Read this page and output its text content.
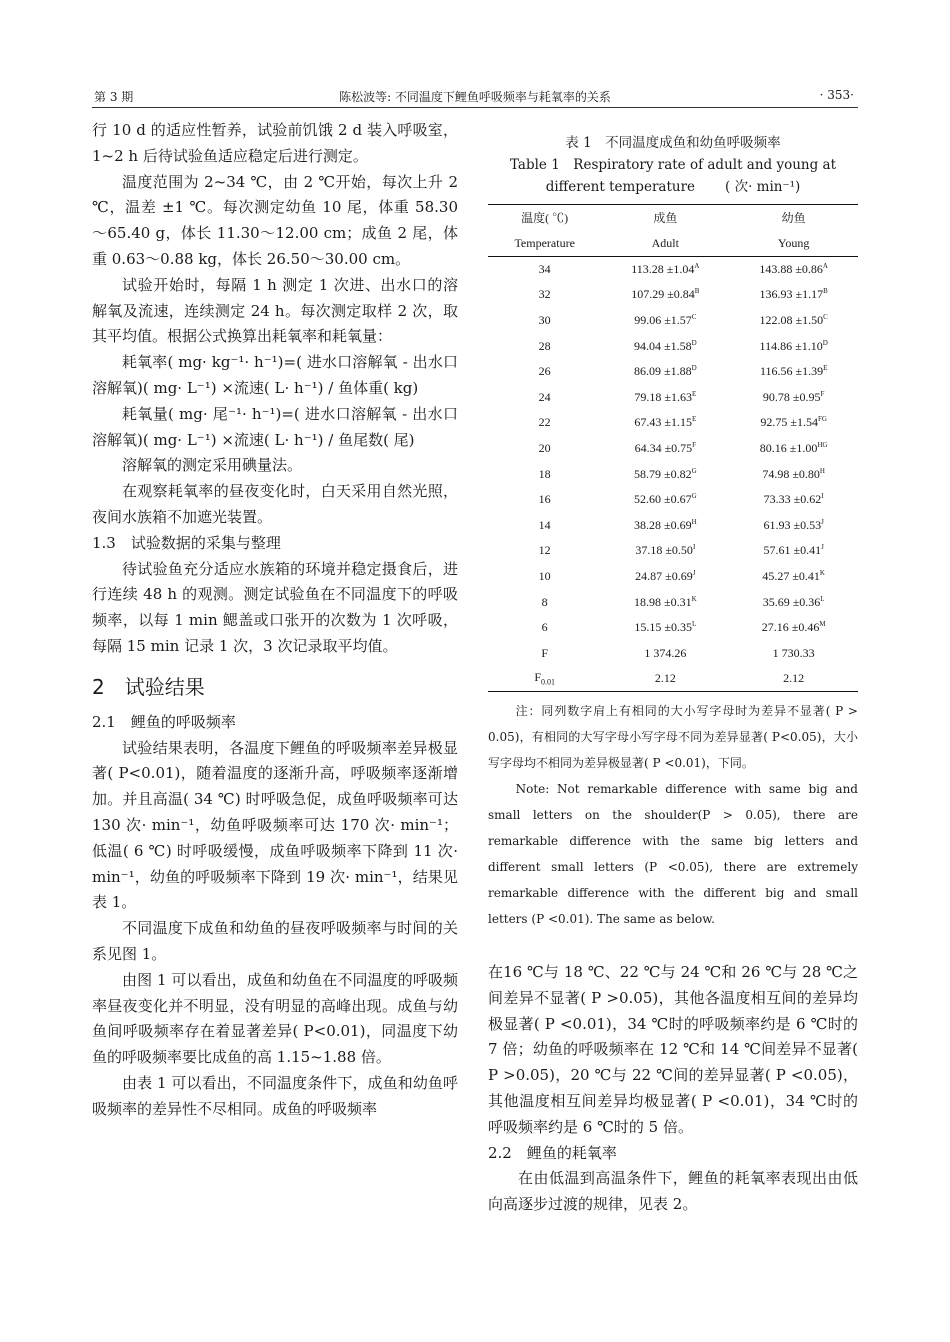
第 3 期	陈松波等: 不同温度下鲤鱼呼吸频率与耗氧率的关系	· 353·

行 10 d 的适应性暂养，试验前饥饿 2 d 装入呼吸室，1~2 h 后待试验鱼适应稳定后进行测定。

温度范围为 2~34 ℃，由 2 ℃开始，每次上升 2 ℃，温差 ±1 ℃。每次测定幼鱼 10 尾，体重 58.30～65.40 g，体长 11.30～12.00 cm；成鱼 2 尾，体重 0.63～0.88 kg，体长 26.50～30.00 cm。

试验开始时，每隔 1 h 测定 1 次进、出水口的溶解氧及流速，连续测定 24 h。每次测定取样 2 次，取其平均值。根据公式换算出耗氧率和耗氧量：

耗氧率( mg· kg⁻¹· h⁻¹)=( 进水口溶解氧 - 出水口溶解氧)( mg· L⁻¹) ×流速( L· h⁻¹) / 鱼体重( kg)

耗氧量( mg· 尾⁻¹· h⁻¹)=( 进水口溶解氧 - 出水口溶解氧)( mg· L⁻¹) ×流速( L· h⁻¹) / 鱼尾数( 尾)

溶解氧的测定采用碘量法。

在观察耗氧率的昼夜变化时，白天采用自然光照，夜间水族箱不加遮光装置。

1.3　试验数据的采集与整理

待试验鱼充分适应水族箱的环境并稳定摄食后，进行连续 48 h 的观测。测定试验鱼在不同温度下的呼吸频率，以每 1 min 鳃盖或口张开的次数为 1 次呼吸，每隔 15 min 记录 1 次，3 次记录取平均值。

2　试验结果
2.1　鲤鱼的呼吸频率

试验结果表明，各温度下鲤鱼的呼吸频率差异极显著( P<0.01)，随着温度的逐渐升高，呼吸频率逐渐增加。并且高温( 34 ℃) 时呼吸急促，成鱼呼吸频率可达 130 次· min⁻¹，幼鱼呼吸频率可达 170 次· min⁻¹；低温( 6 ℃) 时呼吸缓慢，成鱼呼吸频率下降到 11 次· min⁻¹，幼鱼的呼吸频率下降到 19 次· min⁻¹，结果见表 1。

不同温度下成鱼和幼鱼的昼夜呼吸频率与时间的关系见图 1。

由图 1 可以看出，成鱼和幼鱼在不同温度的呼吸频率昼夜变化并不明显，没有明显的高峰出现。成鱼与幼鱼间呼吸频率存在着显著差异( P<0.01)，同温度下幼鱼的呼吸频率要比成鱼的高 1.15~1.88 倍。

由表 1 可以看出，不同温度条件下，成鱼和幼鱼呼吸频率的差异性不尽相同。成鱼的呼吸频率

表 1　不同温度成鱼和幼鱼呼吸频率
Table 1　Respiratory rate of adult and young at
different temperature ( 次· min⁻¹)
温度( ℃)	成鱼	幼鱼
Temperature	Adult	Young
34	$113.28 \pm 1.04^A$	$143.88 \pm 0.86^A$
32	$107.29 \pm 0.84^B$	$136.93 \pm 1.17^B$
30	$99.06 \pm 1.57^C$	$122.08 \pm 1.50^C$
28	$94.04 \pm 1.58^D$	$114.86 \pm 1.10^D$
26	$86.09 \pm 1.88^D$	$116.56 \pm 1.39^E$
24	$79.18 \pm 1.63^E$	$90.78 \pm 0.95^F$
22	$67.43 \pm 1.15^E$	$92.75 \pm 1.54^{FG}$
20	$64.34 \pm 0.75^F$	$80.16 \pm 1.00^{HG}$
18	$58.79 \pm 0.82^G$	$74.98 \pm 0.80^H$
16	$52.60 \pm 0.67^G$	$73.33 \pm 0.62^I$
14	$38.28 \pm 0.69^H$	$61.93 \pm 0.53^J$
12	$37.18 \pm 0.50^I$	$57.61 \pm 0.41^J$
10	$24.87 \pm 0.69^J$	$45.27 \pm 0.41^K$
8	$18.98 \pm 0.31^K$	$35.69 \pm 0.36^L$
6	$15.15 \pm 0.35^L$	$27.16 \pm 0.46^M$
F	1 374.26	1 730.33
$F_{0.01}$	2.12	2.12

注：同列数字肩上有相同的大小写字母时为差异不显著( P > 0.05)，有相同的大写字母小写字母不同为差异显著( P<0.05)，大小写字母均不相同为差异极显著( P <0.01)，下同。

Note: Not remarkable difference with same big and small letters on the shoulder(P > 0.05), there are remarkable difference with the same big letters and different small letters (P <0.05), there are extremely remarkable difference with the different big and small letters (P <0.01). The same as below.

在16 ℃与 18 ℃、22 ℃与 24 ℃和 26 ℃与 28 ℃之间差异不显著( P >0.05)，其他各温度相互间的差异均极显著( P <0.01)，34 ℃时的呼吸频率约是 6 ℃时的 7 倍；幼鱼的呼吸频率在 12 ℃和 14 ℃间差异不显著( P >0.05)，20 ℃与 22 ℃间的差异显著( P <0.05)，其他温度相互间差异均极显著( P <0.01)，34 ℃时的呼吸频率约是 6 ℃时的 5 倍。

2.2　鲤鱼的耗氧率

在由低温到高温条件下，鲤鱼的耗氧率表现出由低向高逐步过渡的规律，见表 2。
